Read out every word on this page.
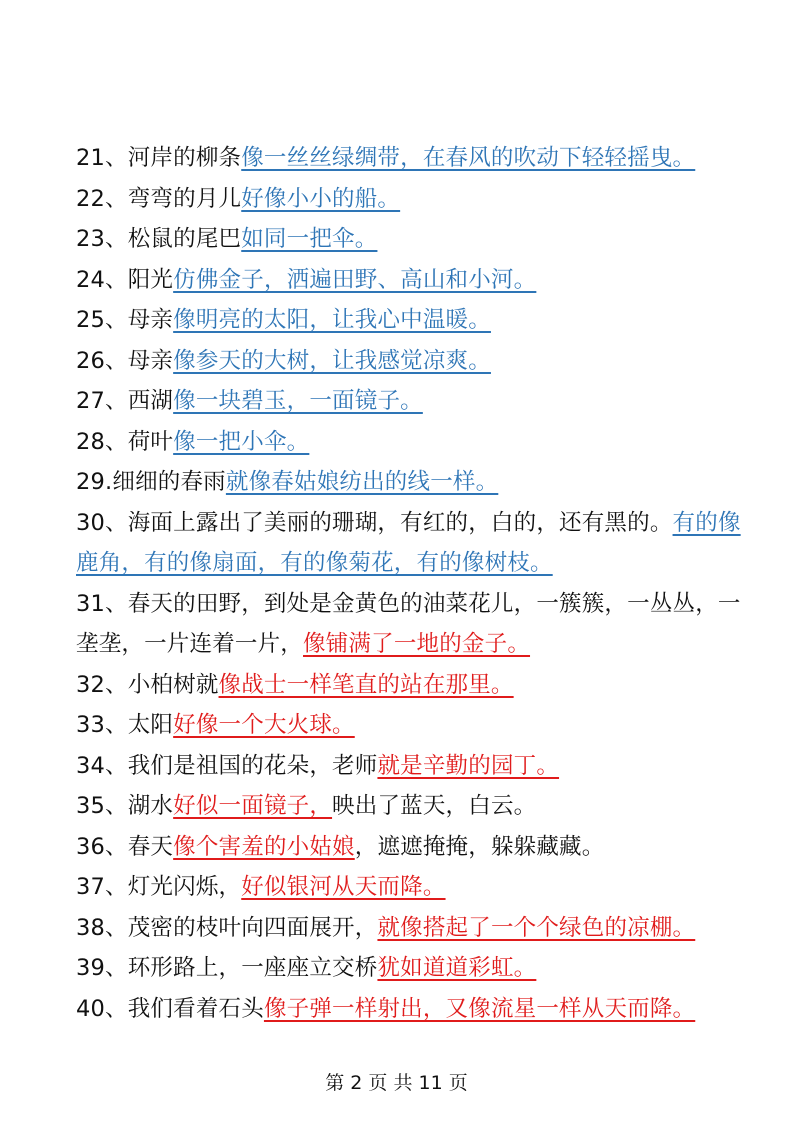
21、河岸的柳条像一丝丝绿绸带，在春风的吹动下轻轻摇曳。
22、弯弯的月儿好像小小的船。
23、松鼠的尾巴如同一把伞。
24、阳光仿佛金子，洒遍田野、高山和小河。
25、母亲像明亮的太阳，让我心中温暖。
26、母亲像参天的大树，让我感觉凉爽。
27、西湖像一块碧玉，一面镜子。
28、荷叶像一把小伞。
29.细细的春雨就像春姑娘纺出的线一样。
30、海面上露出了美丽的珊瑚，有红的，白的，还有黑的。有的像鹿角，有的像扇面，有的像菊花，有的像树枝。
31、春天的田野，到处是金黄色的油菜花儿，一簇簇，一丛丛，一垄垄，一片连着一片，像铺满了一地的金子。
32、小柏树就像战士一样笔直的站在那里。
33、太阳好像一个大火球。
34、我们是祖国的花朵，老师就是辛勤的园丁。
35、湖水好似一面镜子，映出了蓝天，白云。
36、春天像个害羞的小姑娘，遮遮掩掩，躲躲藏藏。
37、灯光闪烁，好似银河从天而降。
38、茂密的枝叶向四面展开，就像搭起了一个个绿色的凉棚。
39、环形路上，一座座立交桥犹如道道彩虹。
40、我们看着石头像子弹一样射出，又像流星一样从天而降。
第 2 页 共 11 页
